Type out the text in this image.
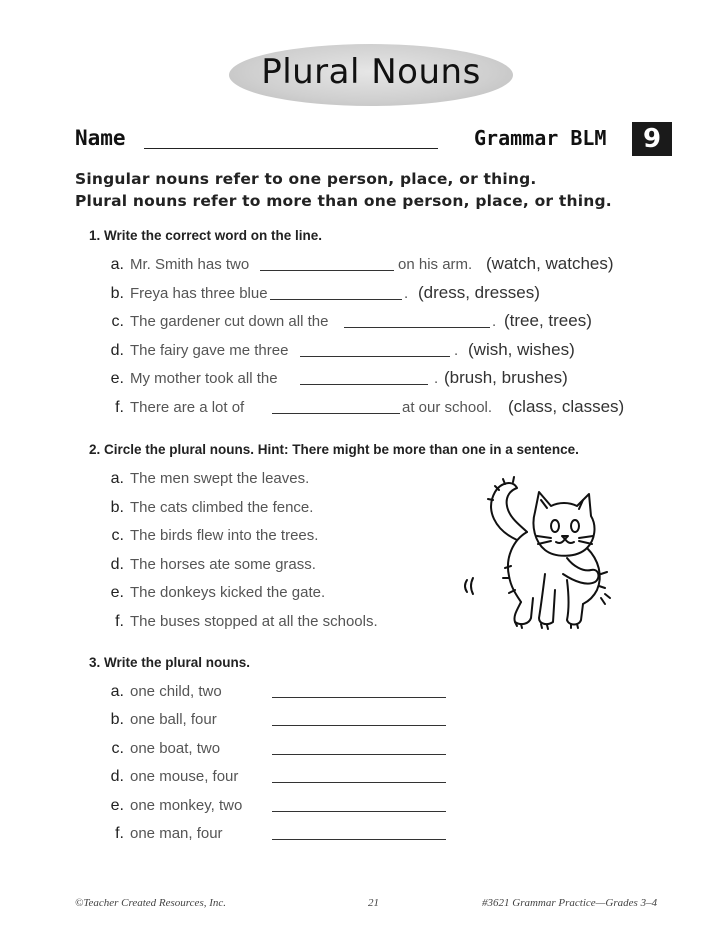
Plural Nouns
Name	Grammar BLM	9
Singular nouns refer to one person, place, or thing.
Plural nouns refer to more than one person, place, or thing.
1. Write the correct word on the line.
a. Mr. Smith has two	on his arm. (watch, watches)
b. Freya has three blue	. (dress, dresses)
c. The gardener cut down all the	. (tree, trees)
d. The fairy gave me three	. (wish, wishes)
e. My mother took all the	. (brush, brushes)
f. There are a lot of	at our school. (class, classes)
2. Circle the plural nouns. Hint: There might be more than one in a sentence.
a. The men swept the leaves.
b. The cats climbed the fence.
c. The birds flew into the trees.
d. The horses ate some grass.
e. The donkeys kicked the gate.
f. The buses stopped at all the schools.
3. Write the plural nouns.
a. one child, two
b. one ball, four
c. one boat, two
d. one mouse, four
e. one monkey, two
f. one man, four
©Teacher Created Resources, Inc.	21	#3621 Grammar Practice—Grades 3–4
